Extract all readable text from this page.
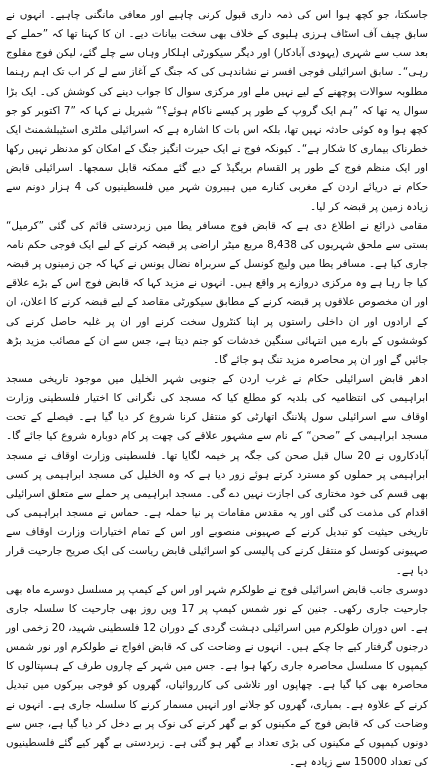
جاسکتا، جو کچھ ہوا اس کی ذمہ داری قبول کرنی چاہیے اور معافی مانگنی چاہیے۔ انہوں نے سابق چیف آف اسٹاف ہرزی ہلیوی کے خلاف بھی سخت بیانات دیے۔ ان کا کہنا تھا کہ ”حملے کے بعد سب سے شہری (یہودی آبادکار) اور دیگر سیکورٹی اہلکار وہاں سے چلے گئے، لیکن فوج مفلوج رہی“۔ سابق اسرائیلی فوجی افسر نے نشاندہی کی کہ جنگ کے آغاز سے لے کر اب تک اہم رہنما مطلوبہ سوالات پوچھنے کے لیے نہیں ملے اور مرکزی سوال کا جواب دینے کی کوشش کی۔ ایک بڑا سوال یہ تھا کہ ”ہم ایک گروپ کے طور پر کیسے ناکام ہوئے؟“ شیریل نے کہا کہ ”7 اکتوبر کو جو کچھ ہوا وہ کوئی حادثہ نہیں تھا، بلکہ اس بات کا اشارہ ہے کہ اسرائیلی ملٹری اسٹیبلشمنٹ ایک خطرناک بیماری کا شکار ہے“۔ کیونکہ فوج نے ایک حیرت انگیز جنگ کے امکان کو مدنظر نہیں رکھا اور ایک منظم فوج کے طور پر القسام بریگیڈ کے دیے گئے ممکنہ قابل سمجھا۔ اسرائیلی قابض حکام نے دریائے اردن کے مغربی کنارے میں ہیبرون شہر میں فلسطینیوں کی 4 ہزار دونم سے زیادہ زمین پر قبضہ کر لیا۔

مقامی ذرائع نے اطلاع دی ہے کہ قابض فوج مسافر یطا میں زبردستی قائم کی گئی ”کرمیل“ بستی سے ملحق شہریوں کی 8,438 مربع میٹر اراضی پر قبضہ کرنے کے لیے ایک فوجی حکم نامہ جاری کیا ہے۔ مسافر یطا میں ولیج کونسل کے سربراہ نضال یونس نے کہا کہ جن زمینوں پر قبضہ کیا جا رہا ہے وہ مرکزی دروازے پر واقع ہیں۔ انہوں نے مزید کہا کہ قابض فوج اس کے بڑے علاقے اور ان مخصوص علاقوں پر قبضہ کرنے کے مطابق سیکورٹی مقاصد کے لیے قبضہ کرنے کا اعلان، ان کے ارادوں اور ان داخلی راستوں پر اپنا کنٹرول سخت کرنے اور ان پر غلبہ حاصل کرنے کی کوششوں کے بارے میں انتہائی سنگین خدشات کو جنم دیتا ہے، جس سے ان کے مصائب مزید بڑھ جائیں گے اور ان پر محاصرہ مزید تنگ ہو جائے گا۔

ادھر قابض اسرائیلی حکام نے غرب اردن کے جنوبی شہر الخلیل میں موجود تاریخی مسجد ابراہیمی کی انتظامیہ کی بلدیہ کو مطلع کیا کہ مسجد کی نگرانی کا اختیار فلسطینی وزارت اوقاف سے اسرائیلی سول پلاننگ اتھارٹی کو منتقل کرنا شروع کر دیا گیا ہے۔ فیصلے کے تحت مسجد ابراہیمی کے ”صحن“ کے نام سے مشہور علاقے کی چھت پر کام دوبارہ شروع کیا جائے گا۔ آبادکاروں نے 20 سال قبل صحن کی جگہ پر خیمہ لگایا تھا۔ فلسطینی وزارت اوقاف نے مسجد ابراہیمی پر حملوں کو مسترد کرتے ہوئے زور دیا ہے کہ وہ الخلیل کی مسجد ابراہیمی پر کسی بھی قسم کی خود مختاری کی اجازت نہیں دے گی۔ مسجد ابراہیمی پر حملے سے متعلق اسرائیلی اقدام کی مذمت کی گئی اور یہ مقدس مقامات پر نیا حملہ ہے۔ حماس نے مسجد ابراہیمی کی تاریخی حیثیت کو تبدیل کرنے کے صہیونی منصوبے اور اس کے تمام اختیارات وزارت اوقاف سے صہیونی کونسل کو منتقل کرنے کی پالیسی کو اسرائیلی قابض ریاست کی ایک صریح جارحیت قرار دیا ہے۔

دوسری جانب قابض اسرائیلی فوج نے طولکرم شہر اور اس کے کیمپ پر مسلسل دوسرے ماہ بھی جارحیت جاری رکھی۔ جنین کے نور شمس کیمپ پر 17 ویں روز بھی جارحیت کا سلسلہ جاری ہے۔ اس دوران طولکرم میں اسرائیلی دہشت گردی کے دوران 12 فلسطینی شہید، 20 زخمی اور درجنوں گرفتار کیے جا چکے ہیں۔ انہوں نے وضاحت کی کہ قابض افواج نے طولکرم اور نور شمس کیمپوں کا مسلسل محاصرہ جاری رکھا ہوا ہے۔ جس میں شہر کے چاروں طرف کے ہسپتالوں کا محاصرہ بھی کیا گیا ہے۔ چھاپوں اور تلاشی کی کارروائیاں، گھروں کو فوجی بیرکوں میں تبدیل کرنے کے علاوہ ہے۔ بمباری، گھروں کو جلانے اور انہیں مسمار کرنے کا سلسلہ جاری ہے۔ انہوں نے وضاحت کی کہ قابض فوج کے مکینوں کو بے گھر کرنے کی نوک پر بے دخل کر دیا گیا ہے، جس سے دونوں کیمپوں کے مکینوں کی بڑی تعداد بے گھر ہو گئی ہے۔ زبردستی بے گھر کیے گئے فلسطینیوں کی تعداد 15000 سے زیادہ ہے۔
